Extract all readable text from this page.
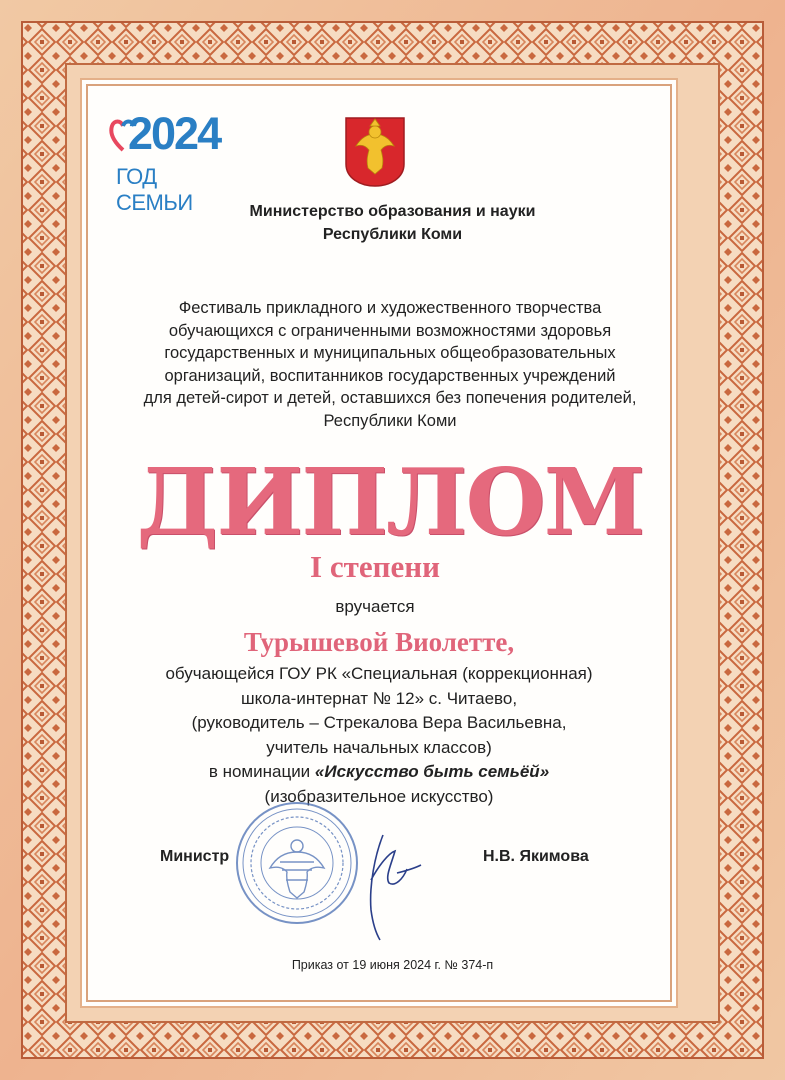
2024
ГОД СЕМЬИ	Министерство образования и науки
Республики Коми
Фестиваль прикладного и художественного творчества
обучающихся с ограниченными возможностями здоровья
государственных и муниципальных общеобразовательных
организаций, воспитанников государственных учреждений
для детей-сирот и детей, оставшихся без попечения родителей,
Республики Коми
ДИПЛОМ
I степени
вручается
Турышевой Виолетте,
обучающейся ГОУ РК «Специальная (коррекционная)
школа-интернат № 12» с. Читаево,
(руководитель – Стрекалова Вера Васильевна,
учитель начальных классов)
в номинации «Искусство быть семьёй»
(изобразительное искусство)
Министр	Н.В. Якимова
Приказ от 19 июня 2024 г. № 374-п
